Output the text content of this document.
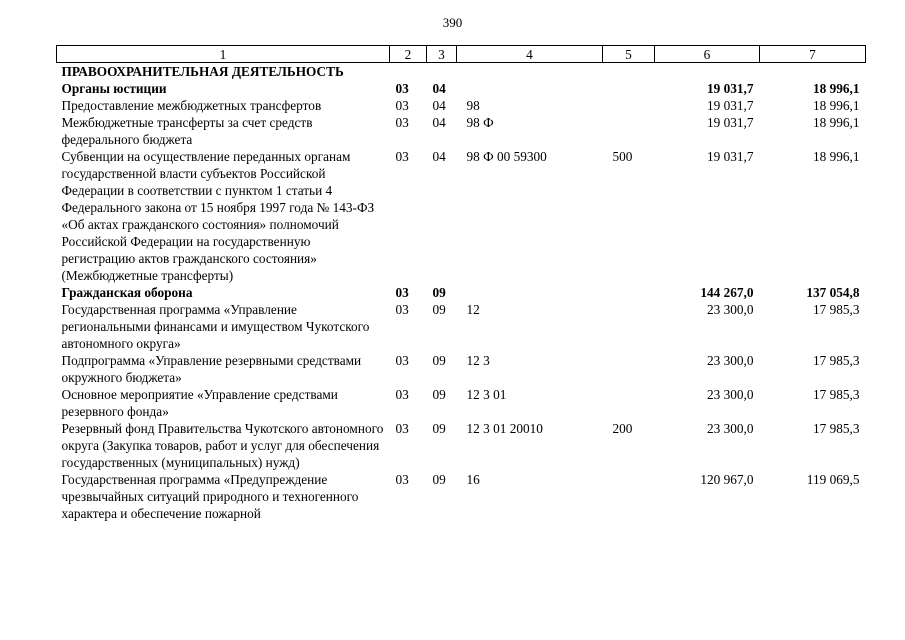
390
1	2	3	4	5	6	7
ПРАВООХРАНИТЕЛЬНАЯ ДЕЯТЕЛЬНОСТЬ						
Органы юстиции	03	04			19 031,7	18 996,1
Предоставление межбюджетных трансфертов	03	04	98		19 031,7	18 996,1
Межбюджетные трансферты за счет средств федерального бюджета	03	04	98 Ф		19 031,7	18 996,1
Субвенции на осуществление переданных органам государственной власти субъектов Российской Федерации в соответствии с пунктом 1 статьи 4 Федерального закона от 15 ноября 1997 года № 143-ФЗ «Об актах гражданского состояния» полномочий Российской Федерации на государственную регистрацию актов гражданского состояния» (Межбюджетные трансферты)	03	04	98 Ф 00 59300	500	19 031,7	18 996,1
Гражданская оборона	03	09			144 267,0	137 054,8
Государственная программа «Управление региональными финансами и имуществом Чукотского автономного округа»	03	09	12		23 300,0	17 985,3
Подпрограмма «Управление резервными средствами окружного бюджета»	03	09	12 3		23 300,0	17 985,3
Основное мероприятие «Управление средствами резервного фонда»	03	09	12 3 01		23 300,0	17 985,3
Резервный фонд Правительства Чукотского автономного округа (Закупка товаров, работ и услуг для обеспечения государственных (муниципальных) нужд)	03	09	12 3 01 20010	200	23 300,0	17 985,3
Государственная программа «Предупреждение чрезвычайных ситуаций природного и техногенного характера и обеспечение пожарной	03	09	16		120 967,0	119 069,5
